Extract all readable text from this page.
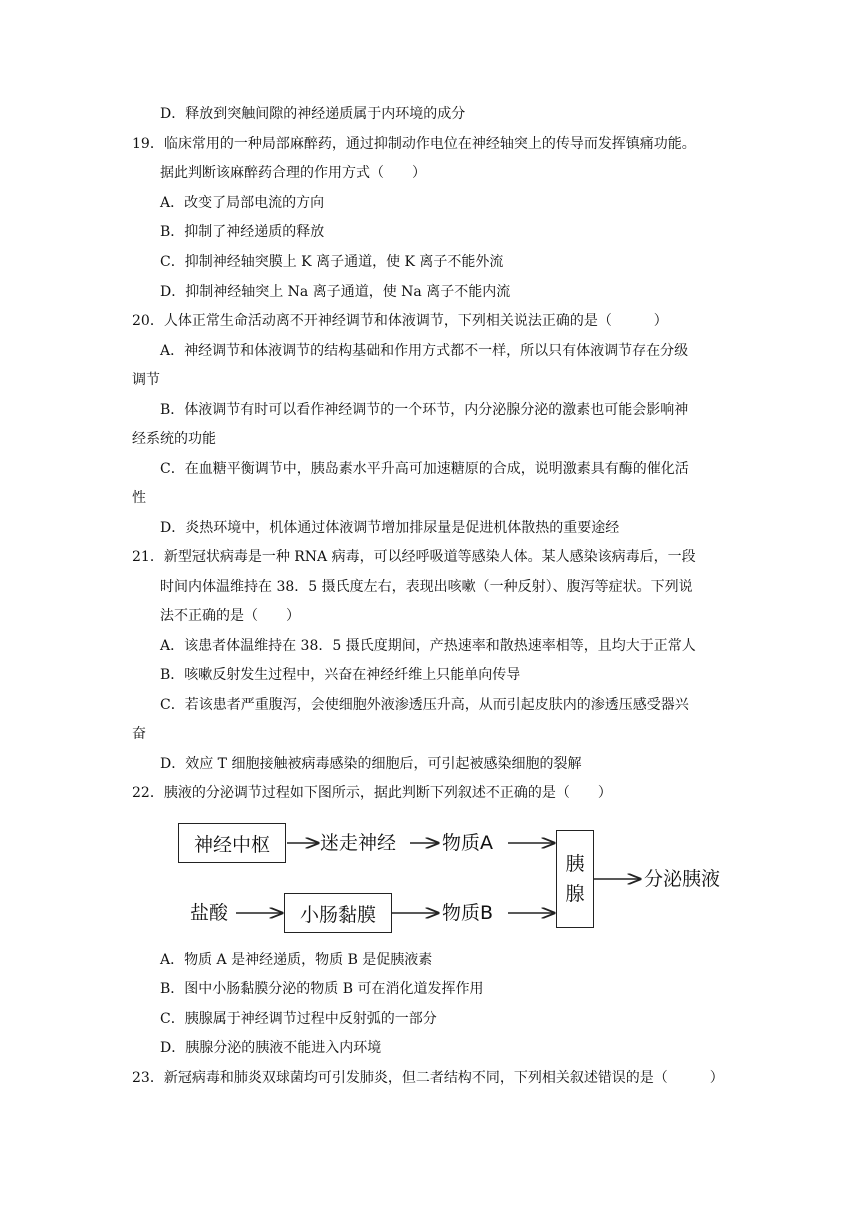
D．释放到突触间隙的神经递质属于内环境的成分
19．临床常用的一种局部麻醉药，通过抑制动作电位在神经轴突上的传导而发挥镇痛功能。
据此判断该麻醉药合理的作用方式（　　）
A．改变了局部电流的方向
B．抑制了神经递质的释放
C．抑制神经轴突膜上 K 离子通道，使 K 离子不能外流
D．抑制神经轴突上 Na 离子通道，使 Na 离子不能内流
20．人体正常生命活动离不开神经调节和体液调节，下列相关说法正确的是（　　　）
A．神经调节和体液调节的结构基础和作用方式都不一样，所以只有体液调节存在分级
调节
B．体液调节有时可以看作神经调节的一个环节，内分泌腺分泌的激素也可能会影响神
经系统的功能
C．在血糖平衡调节中，胰岛素水平升高可加速糖原的合成，说明激素具有酶的催化活
性
D．炎热环境中，机体通过体液调节增加排尿量是促进机体散热的重要途经
21．新型冠状病毒是一种 RNA 病毒，可以经呼吸道等感染人体。某人感染该病毒后，一段
时间内体温维持在 38．5 摄氏度左右，表现出咳嗽（一种反射）、腹泻等症状。下列说
法不正确的是（　　）
A．该患者体温维持在 38．5 摄氏度期间，产热速率和散热速率相等，且均大于正常人
B．咳嗽反射发生过程中，兴奋在神经纤维上只能单向传导
C．若该患者严重腹泻，会使细胞外液渗透压升高，从而引起皮肤内的渗透压感受器兴
奋
D．效应 T 细胞接触被病毒感染的细胞后，可引起被感染细胞的裂解
22．胰液的分泌调节过程如下图所示，据此判断下列叙述不正确的是（　　）
神经中枢	迷走神经 物质A
盐酸	小肠黏膜	物质B
胰
腺
分泌胰液
A．物质 A 是神经递质，物质 B 是促胰液素
B．图中小肠黏膜分泌的物质 B 可在消化道发挥作用
C．胰腺属于神经调节过程中反射弧的一部分
D．胰腺分泌的胰液不能进入内环境
23．新冠病毒和肺炎双球菌均可引发肺炎，但二者结构不同，下列相关叙述错误的是（　　　）
